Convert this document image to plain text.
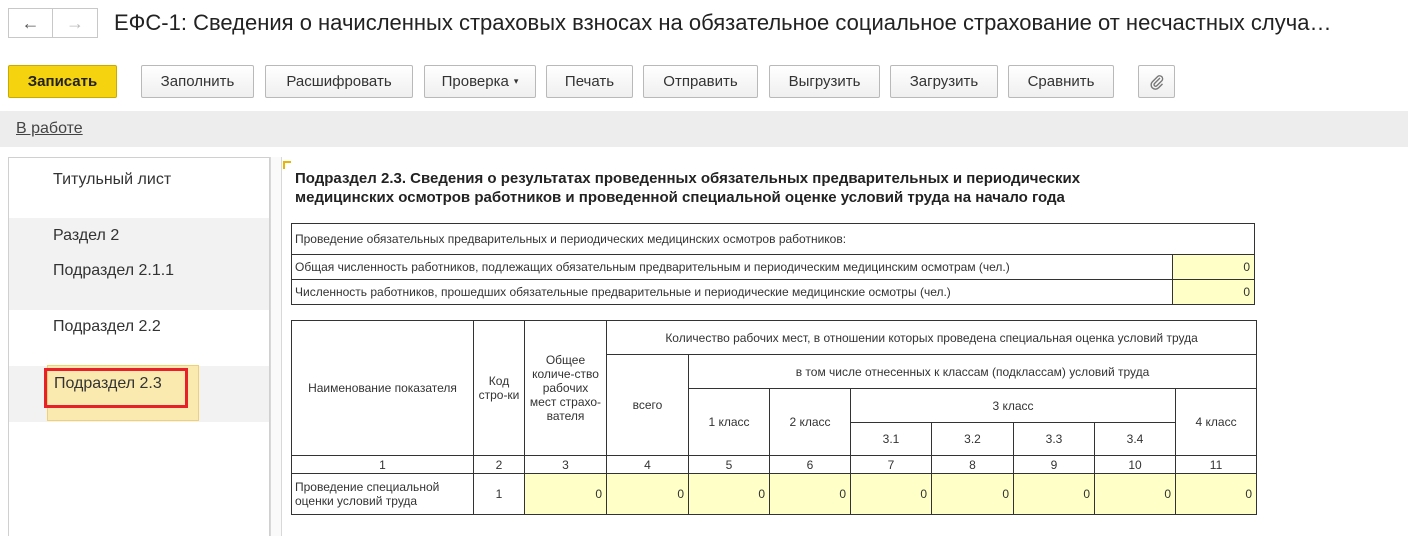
←	→	ЕФС-1: Сведения о начисленных страховых взносах на обязательное социальное страхование от несчастных случа…
Записать	Заполнить	Расшифровать	Проверка ▾	Печать	Отправить	Выгрузить	Загрузить	Сравнить
В работе
Титульный лист
Раздел 2
Подраздел 2.1.1
Подраздел 2.2
Подраздел 2.3
Подраздел 2.3. Сведения о результатах проведенных обязательных предварительных и периодических
медицинских осмотров работников и проведенной специальной оценке условий труда на начало года
Проведение обязательных предварительных и периодических медицинских осмотров работников:	
Общая численность работников, подлежащих обязательным предварительным и периодическим медицинским осмотрам (чел.)	0
Численность работников, прошедших обязательные предварительные и периодические медицинские осмотры (чел.)	0
Наименование показателя	Код стро-ки	Общее количе-ство рабочих мест страхо-вателя	Количество рабочих мест, в отношении которых проведена специальная оценка условий труда							
			всего	в том числе отнесенных к классам (подклассам) условий труда						
				1 класс	2 класс	3 класс				4 класс
						3.1	3.2	3.3	3.4	
1	2	3	4	5	6	7	8	9	10	11
Проведение специальной оценки условий труда	1	0	0	0	0	0	0	0	0	0
